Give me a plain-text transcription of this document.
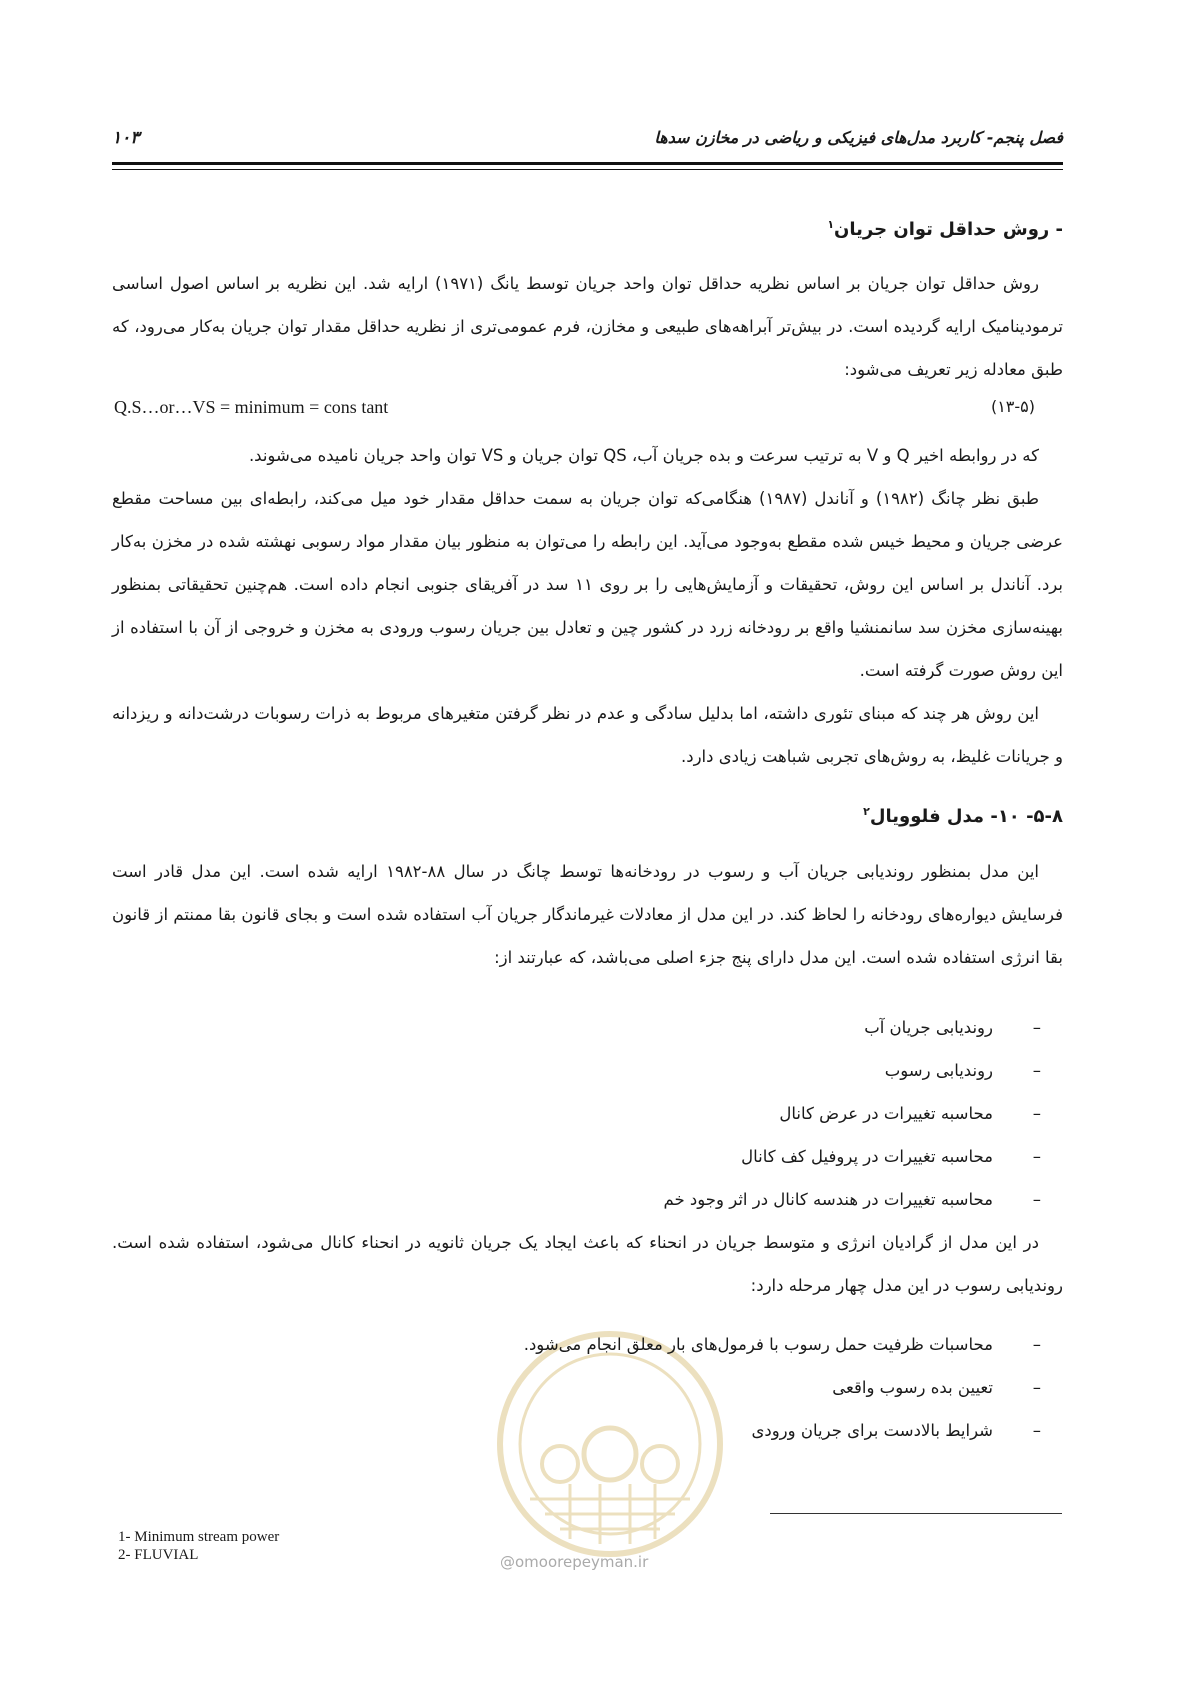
فصل پنجم- کاربرد مدل‌های فیزیکی و ریاضی در مخازن سدها
۱۰۳

- روش حداقل توان جریان$^۱$

روش حداقل توان جریان بر اساس نظریه حداقل توان واحد جریان توسط یانگ (۱۹۷۱) ارایه شد. این نظریه بر اساس اصول اساسی ترمودینامیک ارایه گردیده است. در بیش‌تر آبراهه‌های طبیعی و مخازن، فرم عمومی‌تری از نظریه حداقل مقدار توان جریان به‌کار می‌رود، که طبق معادله زیر تعریف می‌شود:

Q.S…or…VS = minimum = cons tant	(۱۳-۵)

که در روابطه اخیر Q و V به ترتیب سرعت و بده جریان آب، QS توان جریان و VS توان واحد جریان نامیده می‌شوند.

طبق نظر چانگ (۱۹۸۲) و آناندل (۱۹۸۷) هنگامی‌که توان جریان به سمت حداقل مقدار خود میل می‌کند، رابطه‌ای بین مساحت مقطع عرضی جریان و محیط خیس شده مقطع به‌وجود می‌آید. این رابطه را می‌توان به منظور بیان مقدار مواد رسوبی نهشته شده در مخزن به‌کار برد. آناندل بر اساس این روش، تحقیقات و آزمایش‌هایی را بر روی ۱۱ سد در آفریقای جنوبی انجام داده است. هم‌چنین تحقیقاتی بمنظور بهینه‌سازی مخزن سد سانمنشیا واقع بر رودخانه زرد در کشور چین و تعادل بین جریان رسوب ورودی به مخزن و خروجی از آن با استفاده از این روش صورت گرفته است.

این روش هر چند که مبنای تئوری داشته، اما بدلیل سادگی و عدم در نظر گرفتن متغیرهای مربوط به ذرات رسوبات درشت‌دانه و ریزدانه و جریانات غلیظ، به روش‌های تجربی شباهت زیادی دارد.

۵-۸- ۱۰- مدل فلوویال$^۲$

این مدل بمنظور روندیابی جریان آب و رسوب در رودخانه‌ها توسط چانگ در سال ۸۸-۱۹۸۲ ارایه شده است. این مدل قادر است فرسایش دیواره‌های رودخانه را لحاظ کند. در این مدل از معادلات غیرماندگار جریان آب استفاده شده است و بجای قانون بقا ممنتم از قانون بقا انرژی استفاده شده است. این مدل دارای پنج جزء اصلی می‌باشد، که عبارتند از:

–
روندیابی جریان آب
–
روندیابی رسوب
–
محاسبه تغییرات در عرض کانال
–
محاسبه تغییرات در پروفیل کف کانال
–
محاسبه تغییرات در هندسه کانال در اثر وجود خم

در این مدل از گرادیان انرژی و متوسط جریان در انحناء که باعث ایجاد یک جریان ثانویه در انحناء کانال می‌شود، استفاده شده است. روندیابی رسوب در این مدل چهار مرحله دارد:

@omoorepeyman.ir
–
محاسبات ظرفیت حمل رسوب با فرمول‌های بار معلق انجام می‌شود.
–
تعیین بده رسوب واقعی
–
شرایط بالادست برای جریان ورودی
1- Minimum stream power
2- FLUVIAL
